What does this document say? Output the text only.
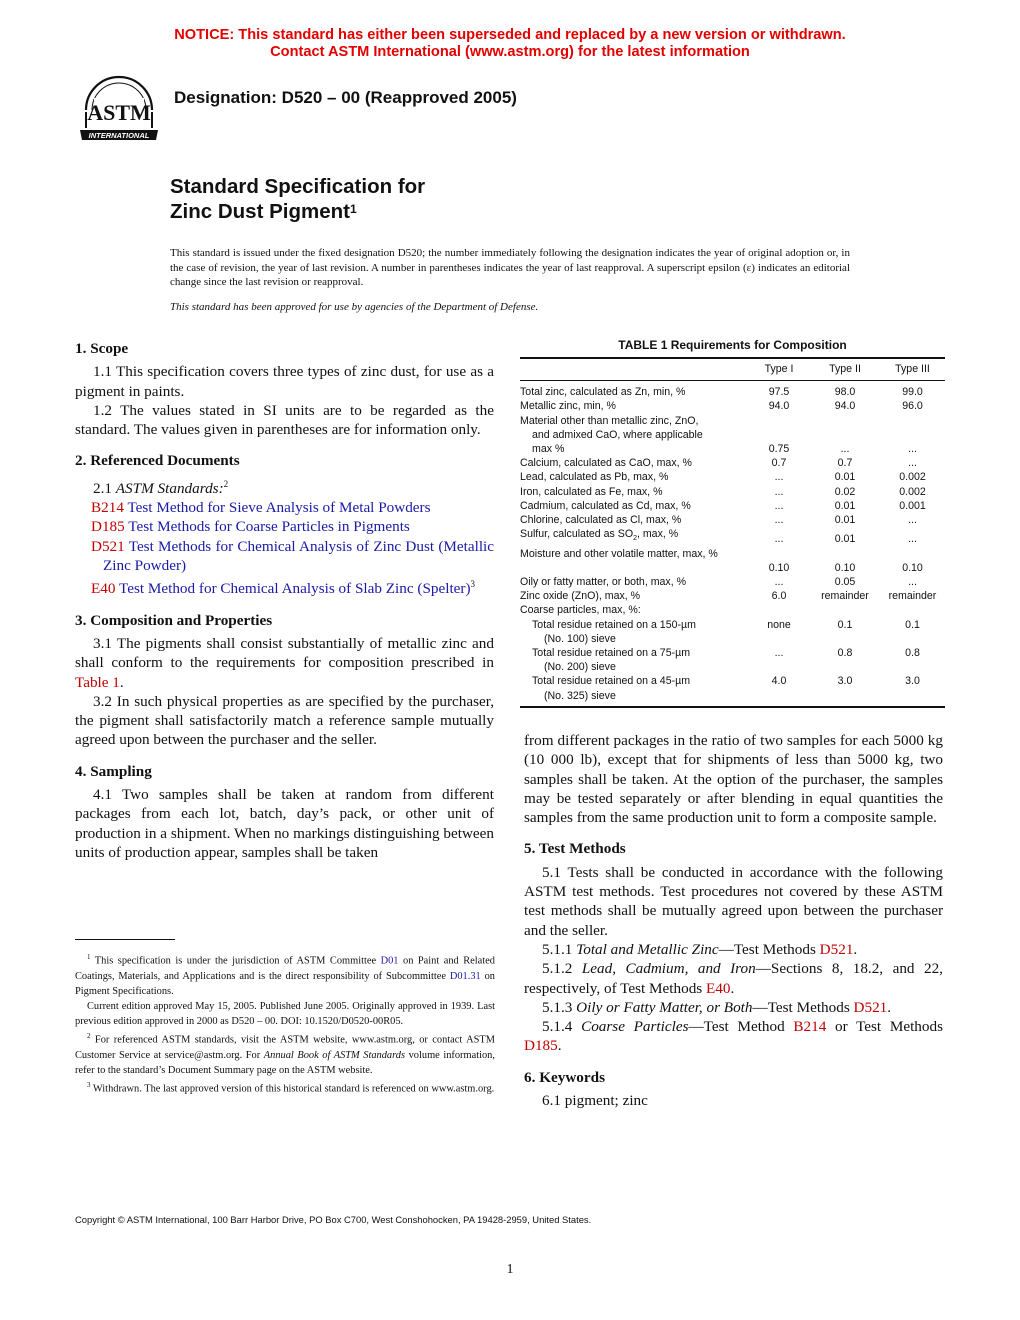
NOTICE: This standard has either been superseded and replaced by a new version or withdrawn.
Contact ASTM International (www.astm.org) for the latest information
ASTM
INTERNATIONAL
Designation: D520 – 00 (Reapproved 2005)
Standard Specification for
Zinc Dust Pigment$^1$
This standard is issued under the fixed designation D520; the number immediately following the designation indicates the year of original adoption or, in the case of revision, the year of last revision. A number in parentheses indicates the year of last reapproval. A superscript epsilon (ε) indicates an editorial change since the last revision or reapproval.
This standard has been approved for use by agencies of the Department of Defense.
1. Scope
1.1 This specification covers three types of zinc dust, for use as a pigment in paints.
1.2 The values stated in SI units are to be regarded as the standard. The values given in parentheses are for information only.
2. Referenced Documents
2.1 ASTM Standards:$^2$
B214 Test Method for Sieve Analysis of Metal Powders
D185 Test Methods for Coarse Particles in Pigments
D521 Test Methods for Chemical Analysis of Zinc Dust (Metallic Zinc Powder)
E40 Test Method for Chemical Analysis of Slab Zinc (Spelter)$^3$
3. Composition and Properties
3.1 The pigments shall consist substantially of metallic zinc and shall conform to the requirements for composition prescribed in Table 1.
3.2 In such physical properties as are specified by the purchaser, the pigment shall satisfactorily match a reference sample mutually agreed upon between the purchaser and the seller.
4. Sampling
4.1 Two samples shall be taken at random from different packages from each lot, batch, day’s pack, or other unit of production in a shipment. When no markings distinguishing between units of production appear, samples shall be taken
$^1$ This specification is under the jurisdiction of ASTM Committee D01 on Paint and Related Coatings, Materials, and Applications and is the direct responsibility of Subcommittee D01.31 on Pigment Specifications.
Current edition approved May 15, 2005. Published June 2005. Originally approved in 1939. Last previous edition approved in 2000 as D520 – 00. DOI: 10.1520/D0520-00R05.
$^2$ For referenced ASTM standards, visit the ASTM website, www.astm.org, or contact ASTM Customer Service at service@astm.org. For Annual Book of ASTM Standards volume information, refer to the standard’s Document Summary page on the ASTM website.
$^3$ Withdrawn. The last approved version of this historical standard is referenced on www.astm.org.
TABLE 1 Requirements for Composition
	Type I	Type II	Type III
Total zinc, calculated as Zn, min, %	97.5	98.0	99.0
Metallic zinc, min, %	94.0	94.0	96.0
Material other than metallic zinc, ZnO,			
and admixed CaO, where applicable			
max %	0.75	...	...
Calcium, calculated as CaO, max, %	0.7	0.7	...
Lead, calculated as Pb, max, %	...	0.01	0.002
Iron, calculated as Fe, max, %	...	0.02	0.002
Cadmium, calculated as Cd, max, %	...	0.01	0.001
Chlorine, calculated as Cl, max, %	...	0.01	...
Sulfur, calculated as $SO_2$, max, %	...	0.01	...
Moisture and other volatile matter, max, %			
	0.10	0.10	0.10
Oily or fatty matter, or both, max, %	...	0.05	...
Zinc oxide (ZnO), max, %	6.0	remainder	remainder
Coarse particles, max, %:			
Total residue retained on a 150-µm	none	0.1	0.1
(No. 100) sieve			
Total residue retained on a 75-µm	...	0.8	0.8
(No. 200) sieve			
Total residue retained on a 45-µm	4.0	3.0	3.0
(No. 325) sieve			
from different packages in the ratio of two samples for each 5000 kg (10 000 lb), except that for shipments of less than 5000 kg, two samples shall be taken. At the option of the purchaser, the samples may be tested separately or after blending in equal quantities the samples from the same production unit to form a composite sample.
5. Test Methods
5.1 Tests shall be conducted in accordance with the following ASTM test methods. Test procedures not covered by these ASTM test methods shall be mutually agreed upon between the purchaser and the seller.
5.1.1 Total and Metallic Zinc—Test Methods D521.
5.1.2 Lead, Cadmium, and Iron—Sections 8, 18.2, and 22, respectively, of Test Methods E40.
5.1.3 Oily or Fatty Matter, or Both—Test Methods D521.
5.1.4 Coarse Particles—Test Method B214 or Test Methods D185.
6. Keywords
6.1 pigment; zinc
Copyright © ASTM International, 100 Barr Harbor Drive, PO Box C700, West Conshohocken, PA 19428-2959, United States.
1
